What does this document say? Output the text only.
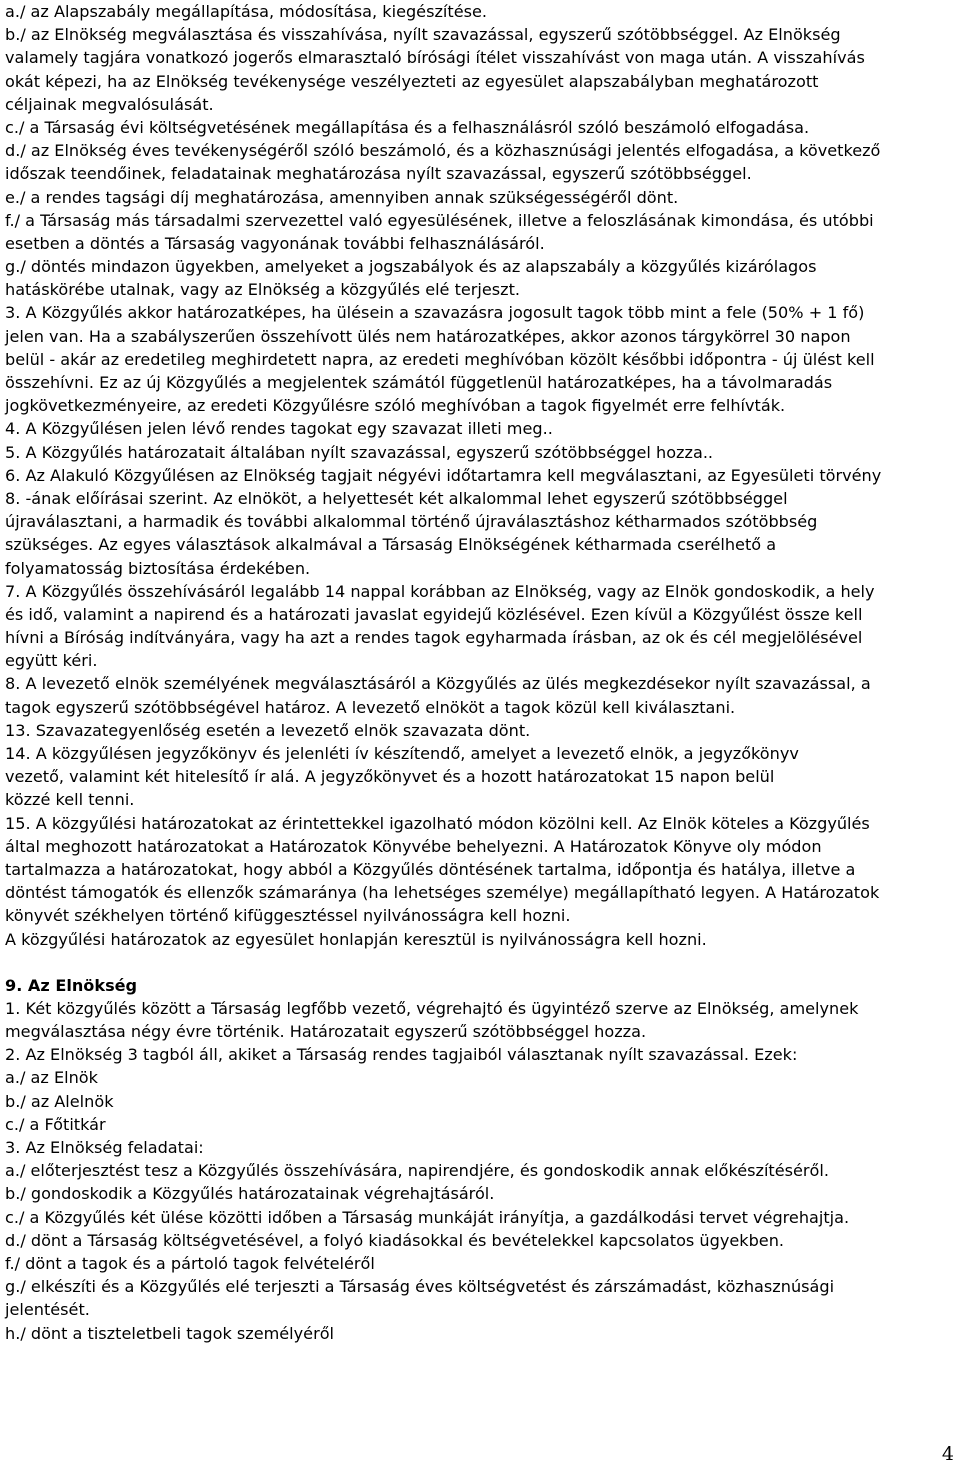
a./ az Alapszabály megállapítása, módosítása, kiegészítése.
b./ az Elnökség megválasztása és visszahívása, nyílt szavazással, egyszerű szótöbbséggel. Az Elnökség
valamely tagjára vonatkozó jogerős elmarasztaló bírósági ítélet visszahívást von maga után. A visszahívás
okát képezi, ha az Elnökség tevékenysége veszélyezteti az egyesület alapszabályban meghatározott
céljainak megvalósulását.
c./ a Társaság évi költségvetésének megállapítása és a felhasználásról szóló beszámoló elfogadása.
d./ az Elnökség éves tevékenységéről szóló beszámoló, és a közhasznúsági jelentés elfogadása, a következő
időszak teendőinek, feladatainak meghatározása nyílt szavazással, egyszerű szótöbbséggel.
e./ a rendes tagsági díj meghatározása, amennyiben annak szükségességéről dönt.
f./ a Társaság más társadalmi szervezettel való egyesülésének, illetve a feloszlásának kimondása, és utóbbi
esetben a döntés a Társaság vagyonának további felhasználásáról.
g./ döntés mindazon ügyekben, amelyeket a jogszabályok és az alapszabály a közgyűlés kizárólagos
hatáskörébe utalnak, vagy az Elnökség a közgyűlés elé terjeszt.
3. A Közgyűlés akkor határozatképes, ha ülésein a szavazásra jogosult tagok több mint a fele (50% + 1 fő)
jelen van. Ha a szabályszerűen összehívott ülés nem határozatképes, akkor azonos tárgykörrel 30 napon
belül - akár az eredetileg meghirdetett napra, az eredeti meghívóban közölt későbbi időpontra - új ülést kell
összehívni. Ez az új Közgyűlés a megjelentek számától függetlenül határozatképes, ha a távolmaradás
jogkövetkezményeire, az eredeti Közgyűlésre szóló meghívóban a tagok figyelmét erre felhívták.
4. A Közgyűlésen jelen lévő rendes tagokat egy szavazat illeti meg..
5. A Közgyűlés határozatait általában nyílt szavazással, egyszerű szótöbbséggel hozza..
6. Az Alakuló Közgyűlésen az Elnökség tagjait négyévi időtartamra kell megválasztani, az Egyesületi törvény
8. -ának előírásai szerint. Az elnököt, a helyettesét két alkalommal lehet egyszerű szótöbbséggel
újraválasztani, a harmadik és további alkalommal történő újraválasztáshoz kétharmados szótöbbség
szükséges. Az egyes választások alkalmával a Társaság Elnökségének kétharmada cserélhető a
folyamatosság biztosítása érdekében.
7. A Közgyűlés összehívásáról legalább 14 nappal korábban az Elnökség, vagy az Elnök gondoskodik, a hely
és idő, valamint a napirend és a határozati javaslat egyidejű közlésével. Ezen kívül a Közgyűlést össze kell
hívni a Bíróság indítványára, vagy ha azt a rendes tagok egyharmada írásban, az ok és cél megjelölésével
együtt kéri.
8. A levezető elnök személyének megválasztásáról a Közgyűlés az ülés megkezdésekor nyílt szavazással, a
tagok egyszerű szótöbbségével határoz. A levezető elnököt a tagok közül kell kiválasztani.
13. Szavazategyenlőség esetén a levezető elnök szavazata dönt.
14. A közgyűlésen jegyzőkönyv és jelenléti ív készítendő, amelyet a levezető elnök, a jegyzőkönyv
vezető, valamint két hitelesítő ír alá. A jegyzőkönyvet és a hozott határozatokat 15 napon belül
közzé kell tenni.
15. A közgyűlési határozatokat az érintettekkel igazolható módon közölni kell. Az Elnök köteles a Közgyűlés
által meghozott határozatokat a Határozatok Könyvébe behelyezni. A Határozatok Könyve oly módon
tartalmazza a határozatokat, hogy abból a Közgyűlés döntésének tartalma, időpontja és hatálya, illetve a
döntést támogatók és ellenzők számaránya (ha lehetséges személye) megállapítható legyen. A Határozatok
könyvét székhelyen történő kifüggesztéssel nyilvánosságra kell hozni.
A közgyűlési határozatok az egyesület honlapján keresztül is nyilvánosságra kell hozni.
9. Az Elnökség
1. Két közgyűlés között a Társaság legfőbb vezető, végrehajtó és ügyintéző szerve az Elnökség, amelynek
megválasztása négy évre történik. Határozatait egyszerű szótöbbséggel hozza.
2. Az Elnökség 3 tagból áll, akiket a Társaság rendes tagjaiból választanak nyílt szavazással. Ezek:
a./ az Elnök
b./ az Alelnök
c./ a Főtitkár
3. Az Elnökség feladatai:
a./ előterjesztést tesz a Közgyűlés összehívására, napirendjére, és gondoskodik annak előkészítéséről.
b./ gondoskodik a Közgyűlés határozatainak végrehajtásáról.
c./ a Közgyűlés két ülése közötti időben a Társaság munkáját irányítja, a gazdálkodási tervet végrehajtja.
d./ dönt a Társaság költségvetésével, a folyó kiadásokkal és bevételekkel kapcsolatos ügyekben.
f./ dönt a tagok és a pártoló tagok felvételéről
g./ elkészíti és a Közgyűlés elé terjeszti a Társaság éves költségvetést és zárszámadást, közhasznúsági
jelentését.
h./ dönt a tiszteletbeli tagok személyéről
4
